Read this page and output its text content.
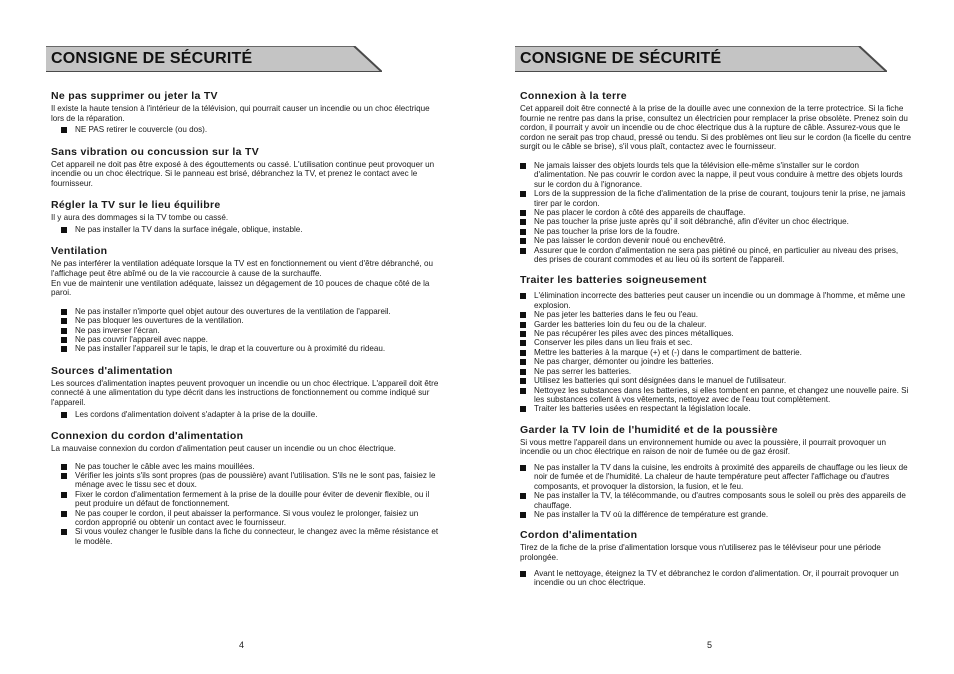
CONSIGNE DE SÉCURITÉ
Ne pas supprimer ou jeter la TV

Il existe la haute tension à l'intérieur de la télévision, qui pourrait causer un incendie ou un choc électrique lors de la réparation.

NE PAS retirer le couvercle (ou dos).
Sans vibration ou concussion sur la TV

Cet appareil ne doit pas être exposé à des égouttements ou cassé. L'utilisation continue peut provoquer un incendie ou un choc électrique. Si le panneau est brisé, débranchez la TV, et prenez le contact avec le fournisseur.

Régler la TV sur le lieu équilibre

Il y aura des dommages si la TV tombe ou cassé.

Ne pas installer la TV dans la surface inégale, oblique, instable.
Ventilation

Ne pas interférer la ventilation adéquate lorsque la TV est en fonctionnement ou vient d'être débranché, ou l'affichage peut être abîmé ou de la vie raccourcie à cause de la surchauffe.

En vue de maintenir une ventilation adéquate, laissez un dégagement de 10 pouces de chaque côté de la paroi.

Ne pas installer n'importe quel objet autour des ouvertures de la ventilation de l'appareil.
Ne pas bloquer les ouvertures de la ventilation.
Ne pas inverser l'écran.
Ne pas couvrir l'appareil avec nappe.
Ne pas installer l'appareil sur le tapis, le drap et la couverture ou à proximité du rideau.
Sources d'alimentation

Les sources d'alimentation inaptes peuvent provoquer un incendie ou un choc électrique. L'appareil doit être connecté à une alimentation du type décrit dans les instructions de fonctionnement ou comme indiqué sur l'appareil.

Les cordons d'alimentation doivent s'adapter à la prise de la douille.
Connexion du cordon d'alimentation

La mauvaise connexion du cordon d'alimentation peut causer un incendie ou un choc électrique.

Ne pas toucher le câble avec les mains mouillées.
Vérifier les joints s'ils sont propres (pas de poussière) avant l'utilisation. S'ils ne le sont pas, faisiez le ménage avec le tissu sec et doux.
Fixer le cordon d'alimentation fermement à la prise de la douille pour éviter de devenir flexible, ou il peut produire un défaut de fonctionnement.
Ne pas couper le cordon, il peut abaisser la performance. Si vous voulez le prolonger, faisiez un cordon approprié ou obtenir un contact avec le fournisseur.
Si vous voulez changer le fusible dans la fiche du connecteur, le changez avec la même résistance et le modèle.
4
CONSIGNE DE SÉCURITÉ
Connexion à la terre

Cet appareil doit être connecté à la prise de la douille avec une connexion de la terre protectrice. Si la fiche fournie ne rentre pas dans la prise, consultez un électricien pour remplacer la prise obsolète. Prenez soin du cordon, il pourrait y avoir un incendie ou de choc électrique dus à la rupture de câble. Assurez-vous que le cordon ne serait pas trop chaud, pressé ou tendu. Si des problèmes ont lieu sur le cordon (la ficelle du centre surgit ou le câble se brise), s'il vous plaît, contactez avec le fournisseur.

Ne jamais laisser des objets lourds tels que la télévision elle-même s'installer sur le cordon d'alimentation. Ne pas couvrir le cordon avec la nappe, il peut vous conduire à mettre des objets lourds sur le cordon du à l'ignorance.
Lors de la suppression de la fiche d'alimentation de la prise de courant, toujours tenir la prise, ne jamais tirer par le cordon.
Ne pas placer le cordon à côté des appareils de chauffage.
Ne pas toucher la prise juste après qu' il soit débranché, afin d'éviter un choc électrique.
Ne pas toucher la prise lors de la foudre.
Ne pas laisser le cordon devenir noué ou enchevêtré.
Assurer que le cordon d'alimentation ne sera pas piétiné ou pincé, en particulier au niveau des prises, des prises de courant commodes et au lieu où ils sortent de l'appareil.
Traiter les batteries soigneusement
L'élimination incorrecte des batteries peut causer un incendie ou un dommage à l'homme, et même une explosion.
Ne pas jeter les batteries dans le feu ou l'eau.
Garder les batteries loin du feu ou de la chaleur.
Ne pas récupérer les piles avec des pinces métalliques.
Conserver les piles dans un lieu frais et sec.
Mettre les batteries à la marque (+) et (-) dans le compartiment de batterie.
Ne pas charger, démonter ou joindre les batteries.
Ne pas serrer les batteries.
Utilisez les batteries qui sont désignées dans le manuel de l'utilisateur.
Nettoyez les substances dans les batteries, si elles tombent en panne, et changez une nouvelle paire. Si les substances collent à vos vêtements, nettoyez avec de l'eau tout complètement.
Traiter les batteries usées en respectant la législation locale.
Garder la TV loin de l'humidité et de la poussière

Si vous mettre l'appareil dans un environnement humide ou avec la poussière, il pourrait provoquer un incendie ou un choc électrique en raison de noir de fumée ou de gaz érosif.

Ne pas installer la TV dans la cuisine, les endroits à proximité des appareils de chauffage ou les lieux de noir de fumée et de l'humidité. La chaleur de haute température peut affecter l'affichage ou d'autres composants, et provoquer la distorsion, la fusion, et le feu.
Ne pas installer la TV, la télécommande, ou d'autres composants sous le soleil ou près des appareils de chauffage.
Ne pas installer la TV où la différence de température est grande.
Cordon d'alimentation

Tirez de la fiche de la prise d'alimentation lorsque vous n'utiliserez pas le téléviseur pour une période prolongée.

Avant le nettoyage, éteignez la TV et débranchez le cordon d'alimentation. Or, il pourrait provoquer un incendie ou un choc électrique.
5
